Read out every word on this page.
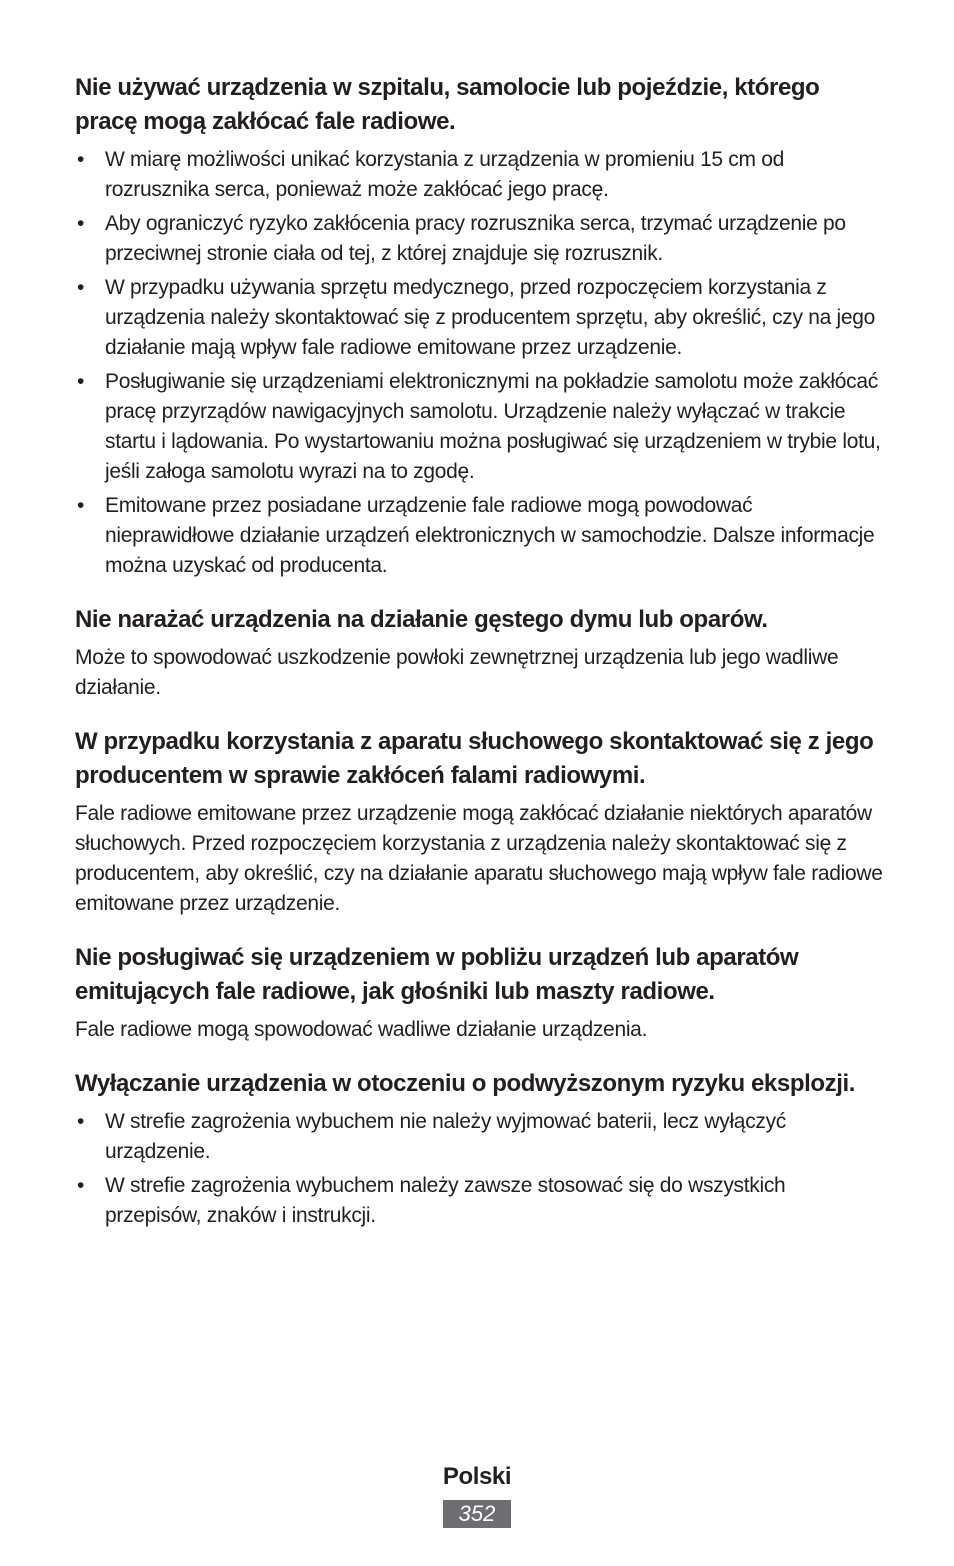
Nie używać urządzenia w szpitalu, samolocie lub pojeździe, którego pracę mogą zakłócać fale radiowe.
• W miarę możliwości unikać korzystania z urządzenia w promieniu 15 cm od rozrusznika serca, ponieważ może zakłócać jego pracę.
• Aby ograniczyć ryzyko zakłócenia pracy rozrusznika serca, trzymać urządzenie po przeciwnej stronie ciała od tej, z której znajduje się rozrusznik.
• W przypadku używania sprzętu medycznego, przed rozpoczęciem korzystania z urządzenia należy skontaktować się z producentem sprzętu, aby określić, czy na jego działanie mają wpływ fale radiowe emitowane przez urządzenie.
• Posługiwanie się urządzeniami elektronicznymi na pokładzie samolotu może zakłócać pracę przyrządów nawigacyjnych samolotu. Urządzenie należy wyłączać w trakcie startu i lądowania. Po wystartowaniu można posługiwać się urządzeniem w trybie lotu, jeśli załoga samolotu wyrazi na to zgodę.
• Emitowane przez posiadane urządzenie fale radiowe mogą powodować nieprawidłowe działanie urządzeń elektronicznych w samochodzie. Dalsze informacje można uzyskać od producenta.
Nie narażać urządzenia na działanie gęstego dymu lub oparów.

Może to spowodować uszkodzenie powłoki zewnętrznej urządzenia lub jego wadliwe działanie.

W przypadku korzystania z aparatu słuchowego skontaktować się z jego producentem w sprawie zakłóceń falami radiowymi.

Fale radiowe emitowane przez urządzenie mogą zakłócać działanie niektórych aparatów słuchowych. Przed rozpoczęciem korzystania z urządzenia należy skontaktować się z producentem, aby określić, czy na działanie aparatu słuchowego mają wpływ fale radiowe emitowane przez urządzenie.

Nie posługiwać się urządzeniem w pobliżu urządzeń lub aparatów emitujących fale radiowe, jak głośniki lub maszty radiowe.

Fale radiowe mogą spowodować wadliwe działanie urządzenia.

Wyłączanie urządzenia w otoczeniu o podwyższonym ryzyku eksplozji.
• W strefie zagrożenia wybuchem nie należy wyjmować baterii, lecz wyłączyć urządzenie.
• W strefie zagrożenia wybuchem należy zawsze stosować się do wszystkich przepisów, znaków i instrukcji.
Polski
352
